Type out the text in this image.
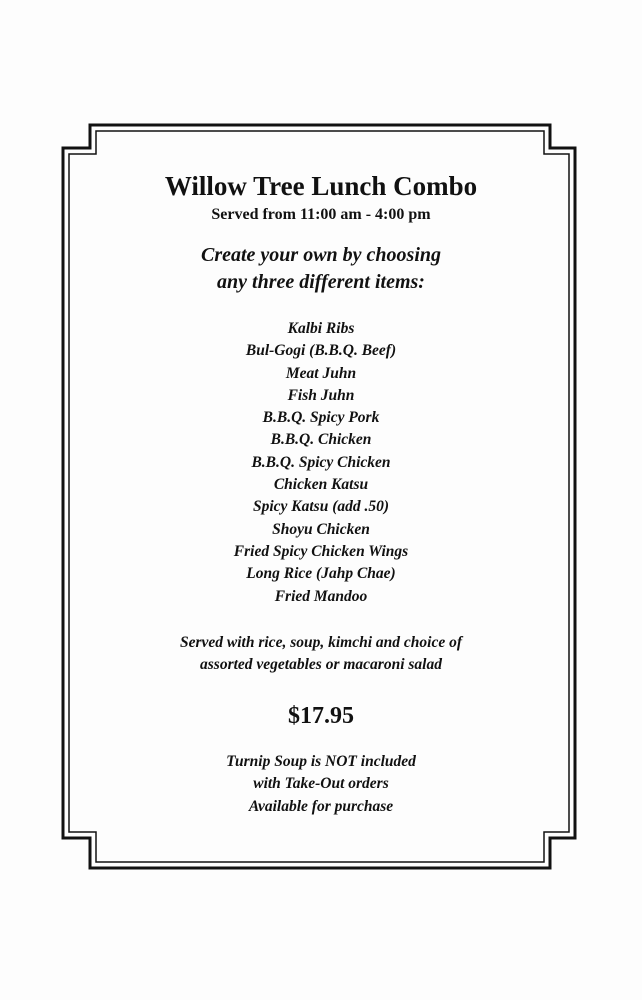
Willow Tree Lunch Combo
Served from 11:00 am - 4:00 pm
Create your own by choosing
any three different items:
Kalbi Ribs
Bul-Gogi (B.B.Q. Beef)
Meat Juhn
Fish Juhn
B.B.Q. Spicy Pork
B.B.Q. Chicken
B.B.Q. Spicy Chicken
Chicken Katsu
Spicy Katsu (add .50)
Shoyu Chicken
Fried Spicy Chicken Wings
Long Rice (Jahp Chae)
Fried Mandoo
Served with rice, soup, kimchi and choice of
assorted vegetables or macaroni salad
$17.95
Turnip Soup is NOT included
with Take-Out orders
Available for purchase
